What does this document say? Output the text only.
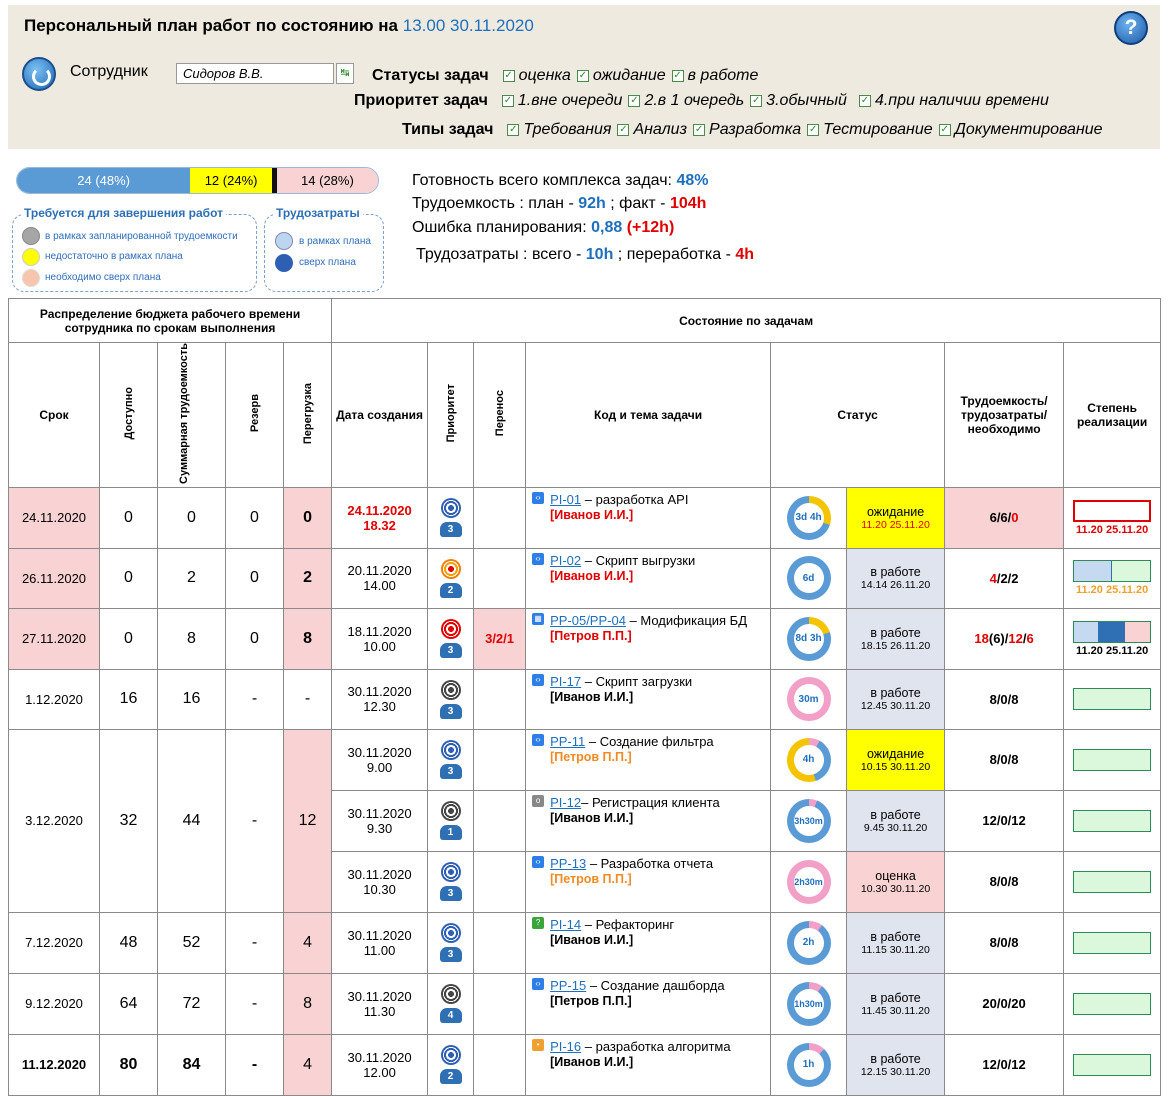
Персональный план работ по состоянию на 13.00 30.11.2020	?
Сотрудник	Сидоров В.В.	↹ Статусы задач ✓ оценка ✓ ожидание ✓ в работе
Приоритет задач ✓ 1.вне очереди ✓ 2.в 1 очередь ✓ 3.обычный ✓ 4.при наличии времени
Типы задач ✓ Требования ✓ Анализ ✓ Разработка ✓ Тестирование ✓ Документирование
24 (48%)	12 (24%)	14 (28%)
Требуется для завершения работ
в рамках запланированной трудоемкости
недостаточно в рамках плана
необходимо сверх плана
Трудозатраты
в рамках плана
сверх плана
Готовность всего комплекса задач: 48%
Трудоемкость : план - 92h ; факт - 104h
Ошибка планирования: 0,88 (+12h)
Трудозатраты : всего - 10h ; переработка - 4h
Распределение бюджета рабочего времени сотрудника по срокам выполнения					Состояние по задачам							
Срок	Доступно	Суммарная трудоемкость	Резерв	Перегрузка	Дата создания	Приоритет	Перенос	Код и тема задачи	Статус		Трудоемкость/ трудозатраты/ необходимо	Степень реализации
24.11.2020	0	0	0	0	24.11.2020
18.32	3		‹› PI-01 – разработка API
[Иванов И.И.]	3d 4h	ожидание
11.20 25.11.20	6/6/0	11.20 25.11.20

26.11.2020	0	2	0	2	20.11.2020
14.00	2		‹› PI-02 – Скрипт выгрузки
[Иванов И.И.]	6d	в работе
14.14 26.11.20	4/2/2	11.20 25.11.20

27.11.2020	0	8	0	8	18.11.2020
10.00	3	3/2/1	▦ PP-05/PP-04 – Модификация БД
[Петров П.П.]	8d 3h	в работе
18.15 26.11.20	18(6)/12/6	11.20 25.11.20

1.12.2020	16	16	-	-	30.11.2020
12.30	3		‹› PI-17 – Скрипт загрузки
[Иванов И.И.]	30m	в работе
12.45 30.11.20	8/0/8	

3.12.2020	32	44	-	12	30.11.2020
9.00	3		‹› PP-11 – Создание фильтра
[Петров П.П.]	4h	ожидание
10.15 30.11.20	8/0/8	

					30.11.2020
9.30	1		o PI-12– Регистрация клиента
[Иванов И.И.]	3h30m	в работе
9.45 30.11.20	12/0/12	

					30.11.2020
10.30	3		‹› PP-13 – Разработка отчета
[Петров П.П.]	2h30m	оценка
10.30 30.11.20	8/0/8	

7.12.2020	48	52	-	4	30.11.2020
11.00	3		? PI-14 – Рефакторинг
[Иванов И.И.]	2h	в работе
11.15 30.11.20	8/0/8	

9.12.2020	64	72	-	8	30.11.2020
11.30	4		‹› PP-15 – Создание дашборда
[Петров П.П.]	1h30m	в работе
11.45 30.11.20	20/0/20	

11.12.2020	80	84	-	4	30.11.2020
12.00	2		• PI-16 – разработка алгоритма
[Иванов И.И.]	1h	в работе
12.15 30.11.20	12/0/12	
